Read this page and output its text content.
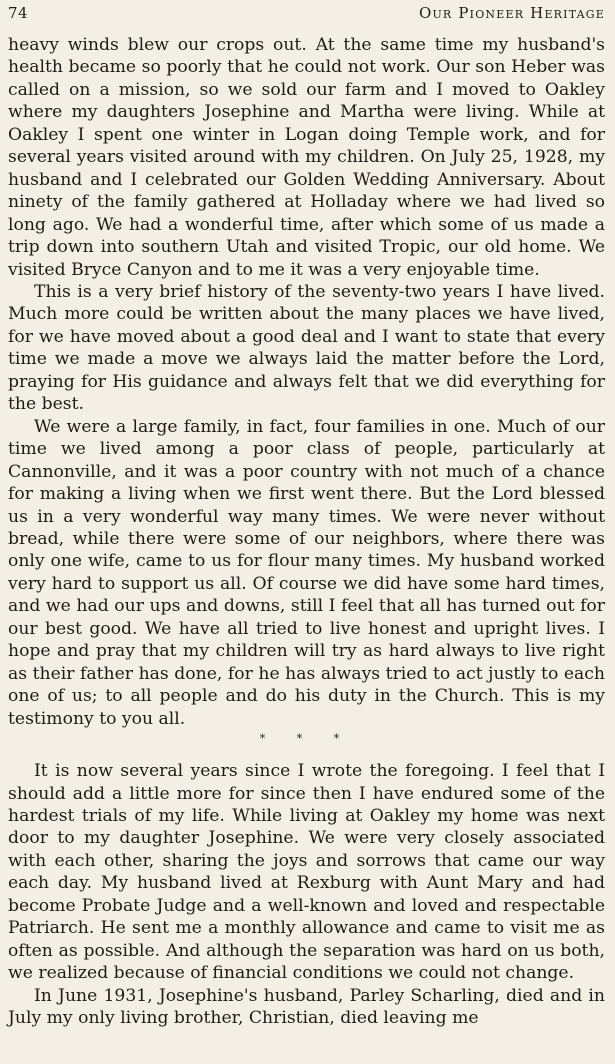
74	Our Pioneer Heritage

heavy winds blew our crops out. At the same time my husband's health became so poorly that he could not work. Our son Heber was called on a mission, so we sold our farm and I moved to Oakley where my daughters Josephine and Martha were living. While at Oakley I spent one winter in Logan doing Temple work, and for several years visited around with my children. On July 25, 1928, my husband and I celebrated our Golden Wedding Anniversary. About ninety of the family gathered at Holladay where we had lived so long ago. We had a wonderful time, after which some of us made a trip down into southern Utah and visited Tropic, our old home. We visited Bryce Canyon and to me it was a very enjoyable time.

This is a very brief history of the seventy-two years I have lived. Much more could be written about the many places we have lived, for we have moved about a good deal and I want to state that every time we made a move we always laid the matter before the Lord, praying for His guidance and always felt that we did everything for the best.

We were a large family, in fact, four families in one. Much of our time we lived among a poor class of people, particularly at Cannonville, and it was a poor country with not much of a chance for making a living when we first went there. But the Lord blessed us in a very wonderful way many times. We were never without bread, while there were some of our neighbors, where there was only one wife, came to us for flour many times. My husband worked very hard to support us all. Of course we did have some hard times, and we had our ups and downs, still I feel that all has turned out for our best good. We have all tried to live honest and upright lives. I hope and pray that my children will try as hard always to live right as their father has done, for he has always tried to act justly to each one of us; to all people and do his duty in the Church. This is my testimony to you all.

* * *

It is now several years since I wrote the foregoing. I feel that I should add a little more for since then I have endured some of the hardest trials of my life. While living at Oakley my home was next door to my daughter Josephine. We were very closely associated with each other, sharing the joys and sorrows that came our way each day. My husband lived at Rexburg with Aunt Mary and had become Probate Judge and a well-known and loved and respectable Patriarch. He sent me a monthly allowance and came to visit me as often as possible. And although the separation was hard on us both, we realized because of financial conditions we could not change.

In June 1931, Josephine's husband, Parley Scharling, died and in July my only living brother, Christian, died leaving me
